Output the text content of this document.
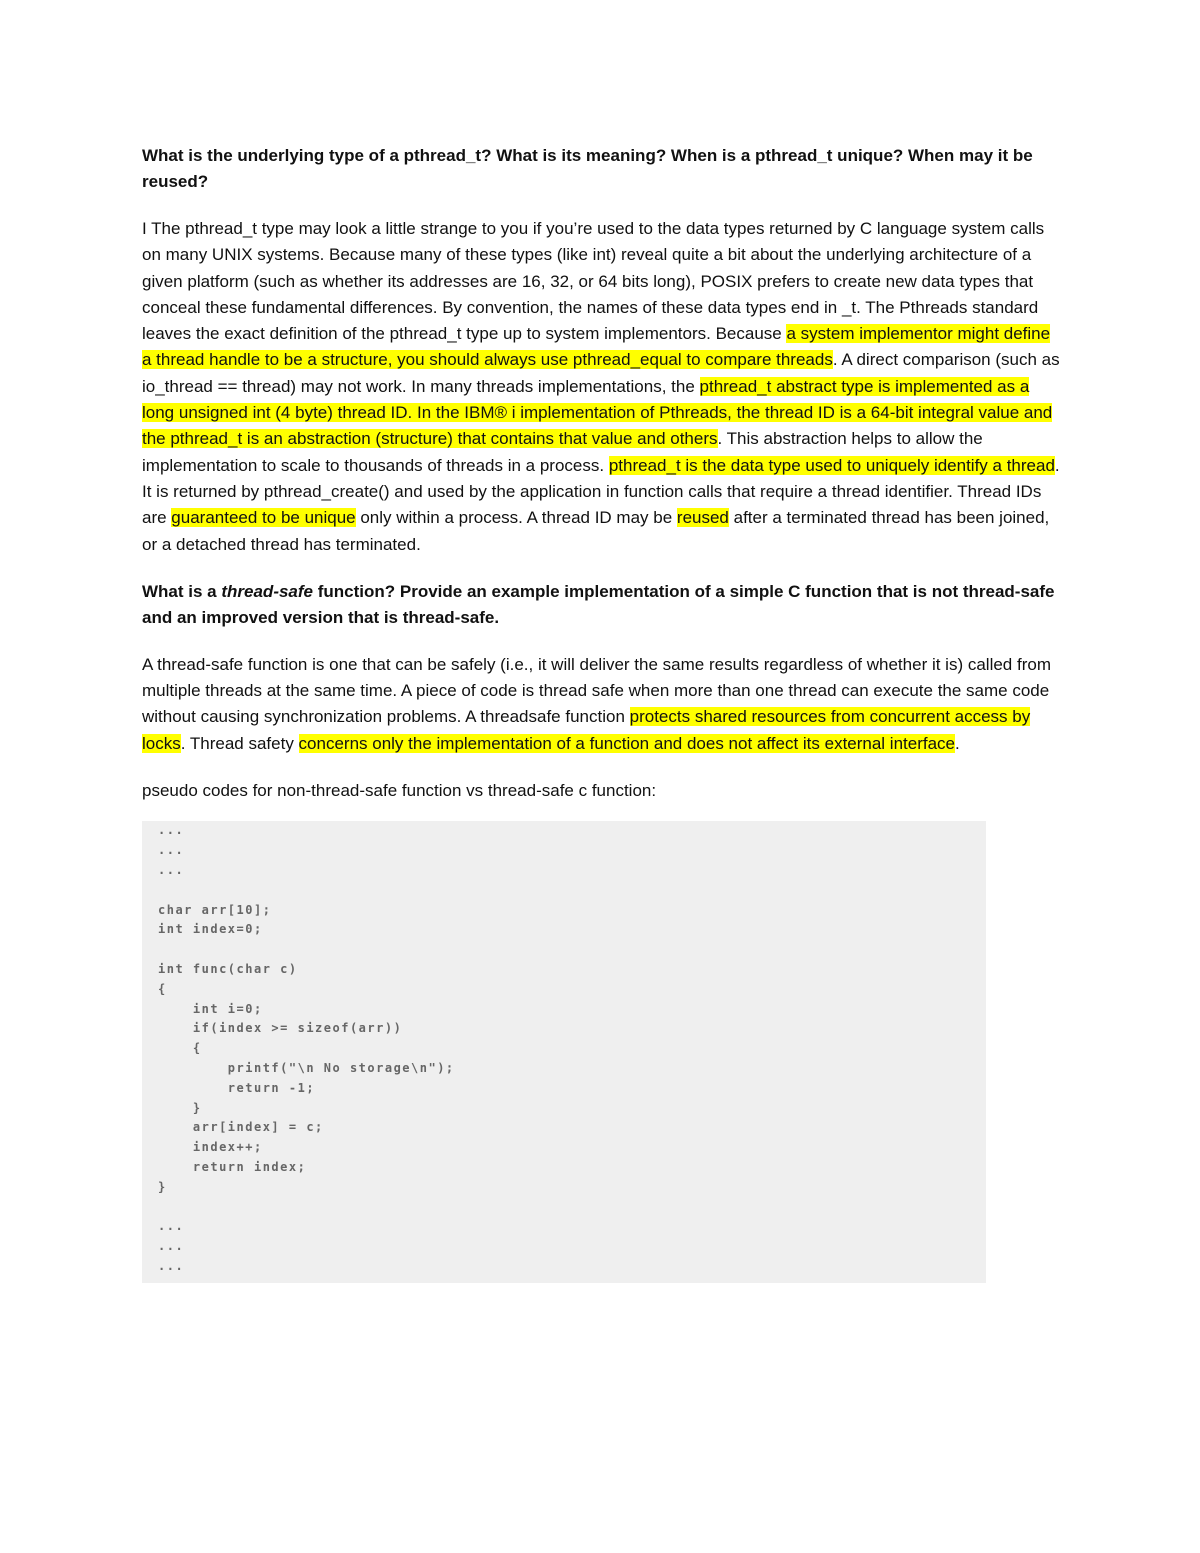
What is the underlying type of a pthread_t? What is its meaning? When is a pthread_t unique? When may it be reused?
I The pthread_t type may look a little strange to you if you’re used to the data types returned by C language system calls on many UNIX systems. Because many of these types (like int) reveal quite a bit about the underlying architecture of a given platform (such as whether its addresses are 16, 32, or 64 bits long), POSIX prefers to create new data types that conceal these fundamental differences. By convention, the names of these data types end in _t. The Pthreads standard leaves the exact definition of the pthread_t type up to system implementors. Because a system implementor might define a thread handle to be a structure, you should always use pthread_equal to compare threads. A direct comparison (such as io_thread == thread) may not work. In many threads implementations, the pthread_t abstract type is implemented as a long unsigned int (4 byte) thread ID. In the IBM® i implementation of Pthreads, the thread ID is a 64-bit integral value and the pthread_t is an abstraction (structure) that contains that value and others. This abstraction helps to allow the implementation to scale to thousands of threads in a process. pthread_t is the data type used to uniquely identify a thread. It is returned by pthread_create() and used by the application in function calls that require a thread identifier. Thread IDs are guaranteed to be unique only within a process. A thread ID may be reused after a terminated thread has been joined, or a detached thread has terminated.
What is a thread-safe function? Provide an example implementation of a simple C function that is not thread-safe and an improved version that is thread-safe.
A thread-safe function is one that can be safely (i.e., it will deliver the same results regardless of whether it is) called from multiple threads at the same time. A piece of code is thread safe when more than one thread can execute the same code without causing synchronization problems. A threadsafe function protects shared resources from concurrent access by locks. Thread safety concerns only the implementation of a function and does not affect its external interface.
pseudo codes for non-thread-safe function vs thread-safe c function:
...
...
...
char arr[10];
int index=0;
int func(char c)
{
int i=0;
if(index >= sizeof(arr))
{
printf("\n No storage\n");
return -1;
}
arr[index] = c;
index++;
return index;
}
...
...
...
